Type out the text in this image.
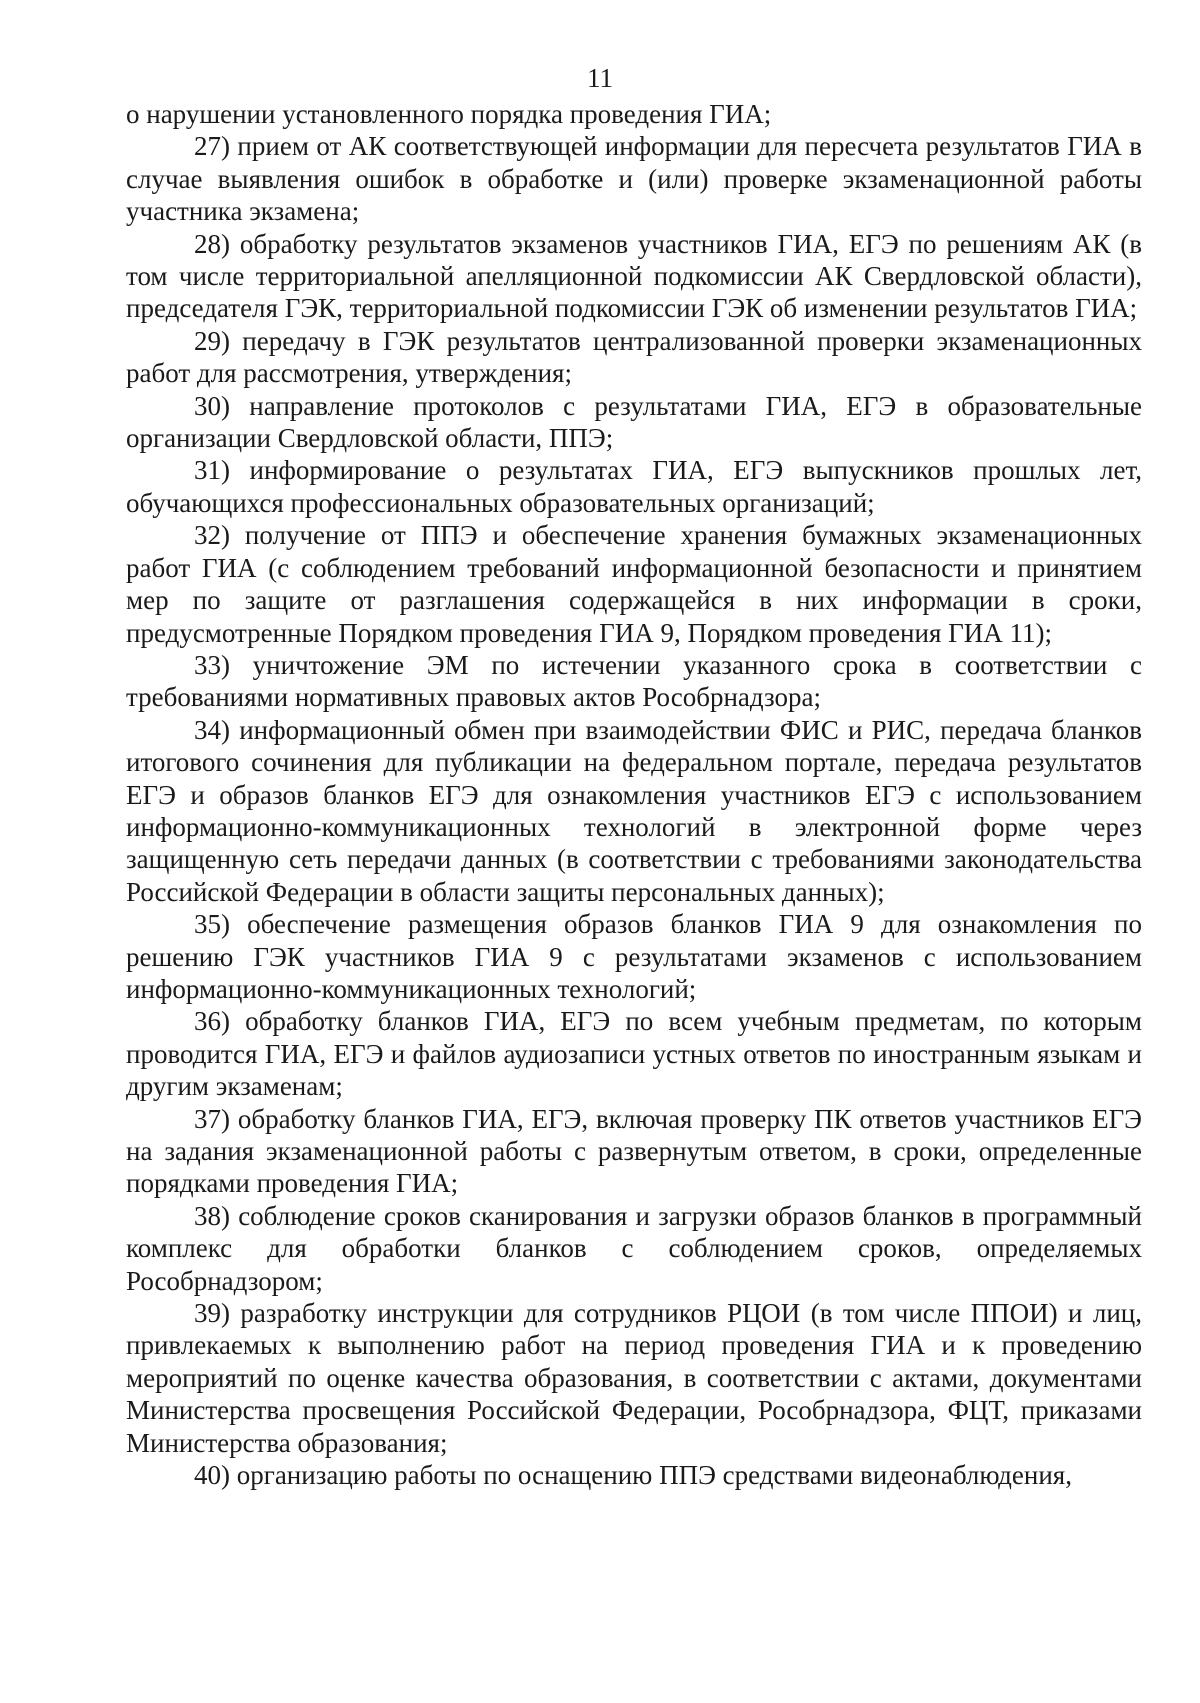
11

о нарушении установленного порядка проведения ГИА;

27) прием от АК соответствующей информации для пересчета результатов ГИА в случае выявления ошибок в обработке и (или) проверке экзаменационной работы участника экзамена;

28) обработку результатов экзаменов участников ГИА, ЕГЭ по решениям АК (в том числе территориальной апелляционной подкомиссии АК Свердловской области), председателя ГЭК, территориальной подкомиссии ГЭК об изменении результатов ГИА;

29) передачу в ГЭК результатов централизованной проверки экзаменационных работ для рассмотрения, утверждения;

30) направление протоколов с результатами ГИА, ЕГЭ в образовательные организации Свердловской области, ППЭ;

31) информирование о результатах ГИА, ЕГЭ выпускников прошлых лет, обучающихся профессиональных образовательных организаций;

32) получение от ППЭ и обеспечение хранения бумажных экзаменационных работ ГИА (с соблюдением требований информационной безопасности и принятием мер по защите от разглашения содержащейся в них информации в сроки, предусмотренные Порядком проведения ГИА 9, Порядком проведения ГИА 11);

33) уничтожение ЭМ по истечении указанного срока в соответствии с требованиями нормативных правовых актов Рособрнадзора;

34) информационный обмен при взаимодействии ФИС и РИС, передача бланков итогового сочинения для публикации на федеральном портале, передача результатов ЕГЭ и образов бланков ЕГЭ для ознакомления участников ЕГЭ с использованием информационно-коммуникационных технологий в электронной форме через защищенную сеть передачи данных (в соответствии с требованиями законодательства Российской Федерации в области защиты персональных данных);

35) обеспечение размещения образов бланков ГИА 9 для ознакомления по решению ГЭК участников ГИА 9 с результатами экзаменов с использованием информационно-коммуникационных технологий;

36) обработку бланков ГИА, ЕГЭ по всем учебным предметам, по которым проводится ГИА, ЕГЭ и файлов аудиозаписи устных ответов по иностранным языкам и другим экзаменам;

37) обработку бланков ГИА, ЕГЭ, включая проверку ПК ответов участников ЕГЭ на задания экзаменационной работы с развернутым ответом, в сроки, определенные порядками проведения ГИА;

38) соблюдение сроков сканирования и загрузки образов бланков в программный комплекс для обработки бланков с соблюдением сроков, определяемых Рособрнадзором;

39) разработку инструкции для сотрудников РЦОИ (в том числе ППОИ) и лиц, привлекаемых к выполнению работ на период проведения ГИА и к проведению мероприятий по оценке качества образования, в соответствии с актами, документами Министерства просвещения Российской Федерации, Рособрнадзора, ФЦТ, приказами Министерства образования;

40) организацию работы по оснащению ППЭ средствами видеонаблюдения,
